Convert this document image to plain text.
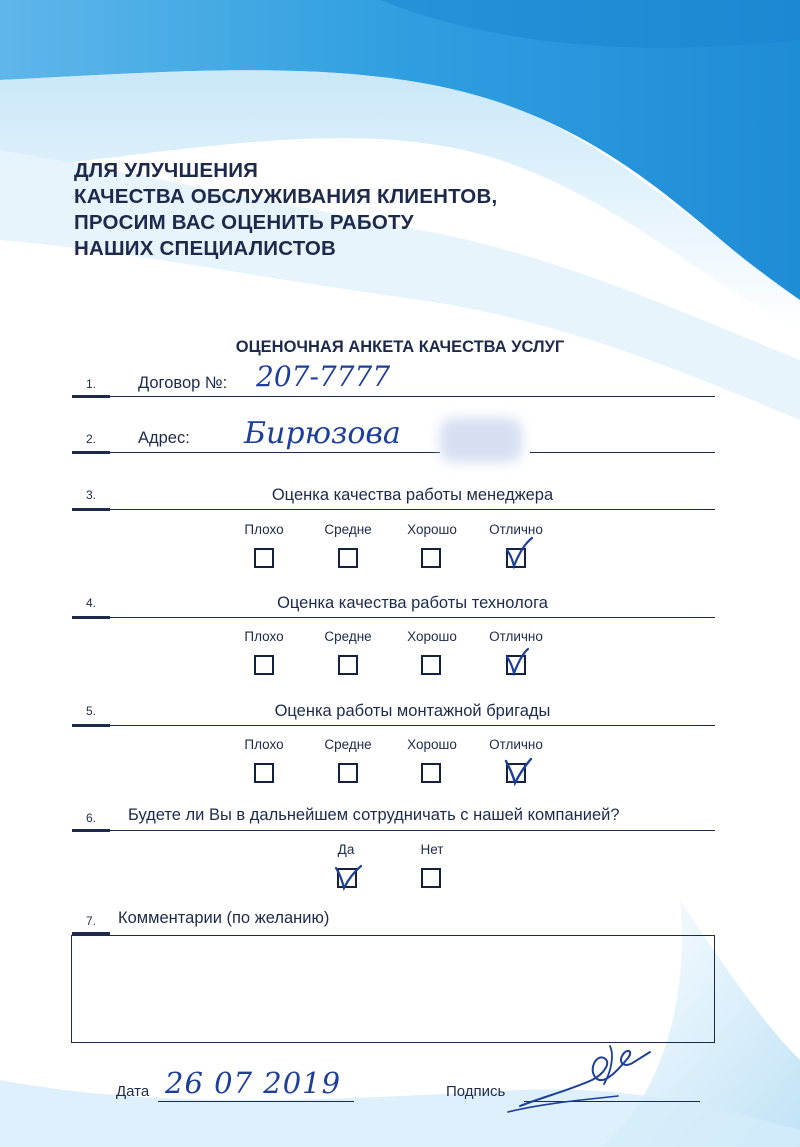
ДЛЯ УЛУЧШЕНИЯ
КАЧЕСТВА ОБСЛУЖИВАНИЯ КЛИЕНТОВ,
ПРОСИМ ВАС ОЦЕНИТЬ РАБОТУ
НАШИХ СПЕЦИАЛИСТОВ
ОЦЕНОЧНАЯ АНКЕТА КАЧЕСТВА УСЛУГ
1.	Договор №: 207-7777
2.	Адрес: Бирюзова
3.	Оценка качества работы менеджера
Плохо	Средне	Хорошо	Отлично
4.	Оценка качества работы технолога
Плохо	Средне	Хорошо	Отлично
5.	Оценка работы монтажной бригады
Плохо	Средне	Хорошо	Отлично
6. Будете ли Вы в дальнейшем сотрудничать с нашей компанией?
Да	Нет
7. Комментарии (по желанию)
Дата 26 07 2019	Подпись
